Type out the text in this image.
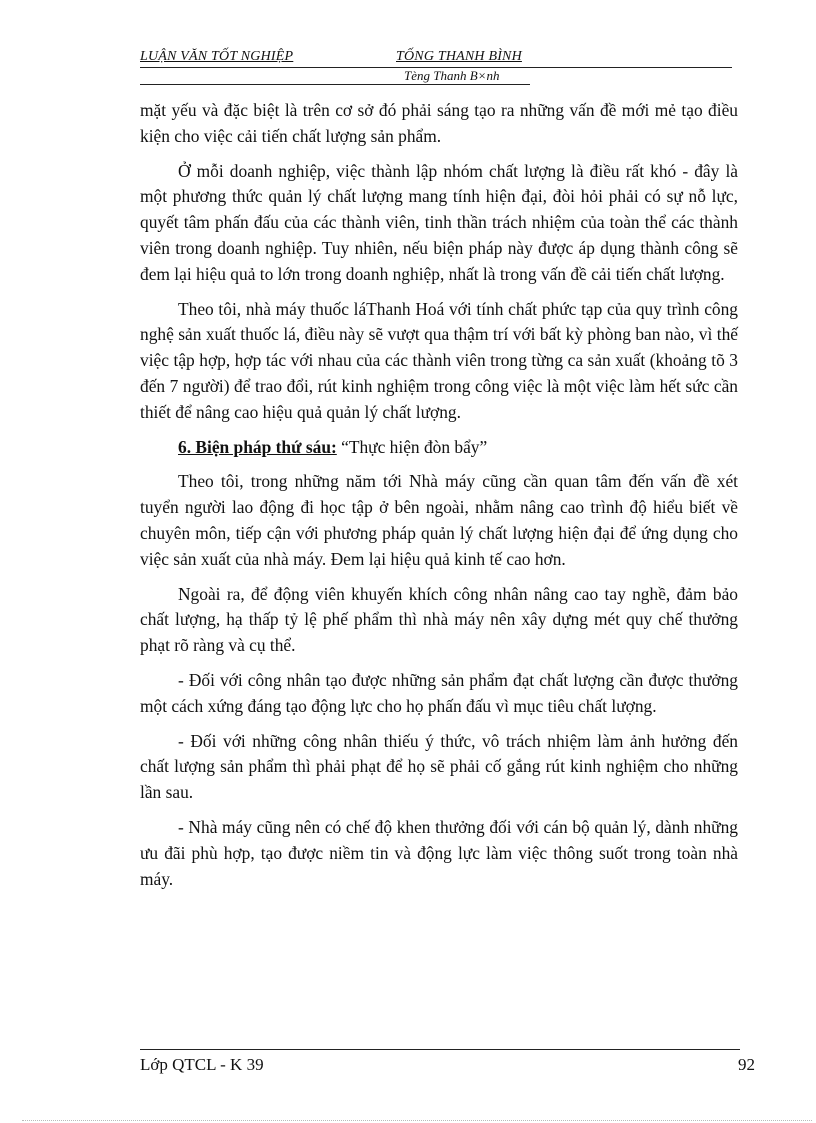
LUẬN VĂN TỐT NGHIỆP	TỐNG THANH BÌNH
Tèng Thanh B×nh

mặt yếu và đặc biệt là trên cơ sở đó phải sáng tạo ra những vấn đề mới mẻ tạo điều kiện cho việc cải tiến chất lượng sản phẩm.

Ở mỗi doanh nghiệp, việc thành lập nhóm chất lượng là điều rất khó - đây là một phương thức quản lý chất lượng mang tính hiện đại, đòi hỏi phải có sự nỗ lực, quyết tâm phấn đấu của các thành viên, tinh thần trách nhiệm của toàn thể các thành viên trong doanh nghiệp. Tuy nhiên, nếu biện pháp này được áp dụng thành công sẽ đem lại hiệu quả to lớn trong doanh nghiệp, nhất là trong vấn đề cải tiến chất lượng.

Theo tôi, nhà máy thuốc láThanh Hoá với tính chất phức tạp của quy trình công nghệ sản xuất thuốc lá, điều này sẽ vượt qua thậm trí với bất kỳ phòng ban nào, vì thế việc tập hợp, hợp tác với nhau của các thành viên trong từng ca sản xuất (khoảng tõ 3 đến 7 người) để trao đổi, rút kinh nghiệm trong công việc là một việc làm hết sức cần thiết để nâng cao hiệu quả quản lý chất lượng.

6. Biện pháp thứ sáu: “Thực hiện đòn bẩy”

Theo tôi, trong những năm tới Nhà máy cũng cần quan tâm đến vấn đề xét tuyển người lao động đi học tập ở bên ngoài, nhằm nâng cao trình độ hiểu biết về chuyên môn, tiếp cận với phương pháp quản lý chất lượng hiện đại để ứng dụng cho việc sản xuất của nhà máy. Đem lại hiệu quả kinh tế cao hơn.

Ngoài ra, để động viên khuyến khích công nhân nâng cao tay nghề, đảm bảo chất lượng, hạ thấp tỷ lệ phế phẩm thì nhà máy nên xây dựng mét quy chế thưởng phạt rõ ràng và cụ thể.

- Đối với công nhân tạo được những sản phẩm đạt chất lượng cần được thưởng một cách xứng đáng tạo động lực cho họ phấn đấu vì mục tiêu chất lượng.

- Đối với những công nhân thiếu ý thức, vô trách nhiệm làm ảnh hưởng đến chất lượng sản phẩm thì phải phạt để họ sẽ phải cố gắng rút kinh nghiệm cho những lần sau.

- Nhà máy cũng nên có chế độ khen thưởng đối với cán bộ quản lý, dành những ưu đãi phù hợp, tạo được niềm tin và động lực làm việc thông suốt trong toàn nhà máy.

Lớp QTCL - K 39	92
